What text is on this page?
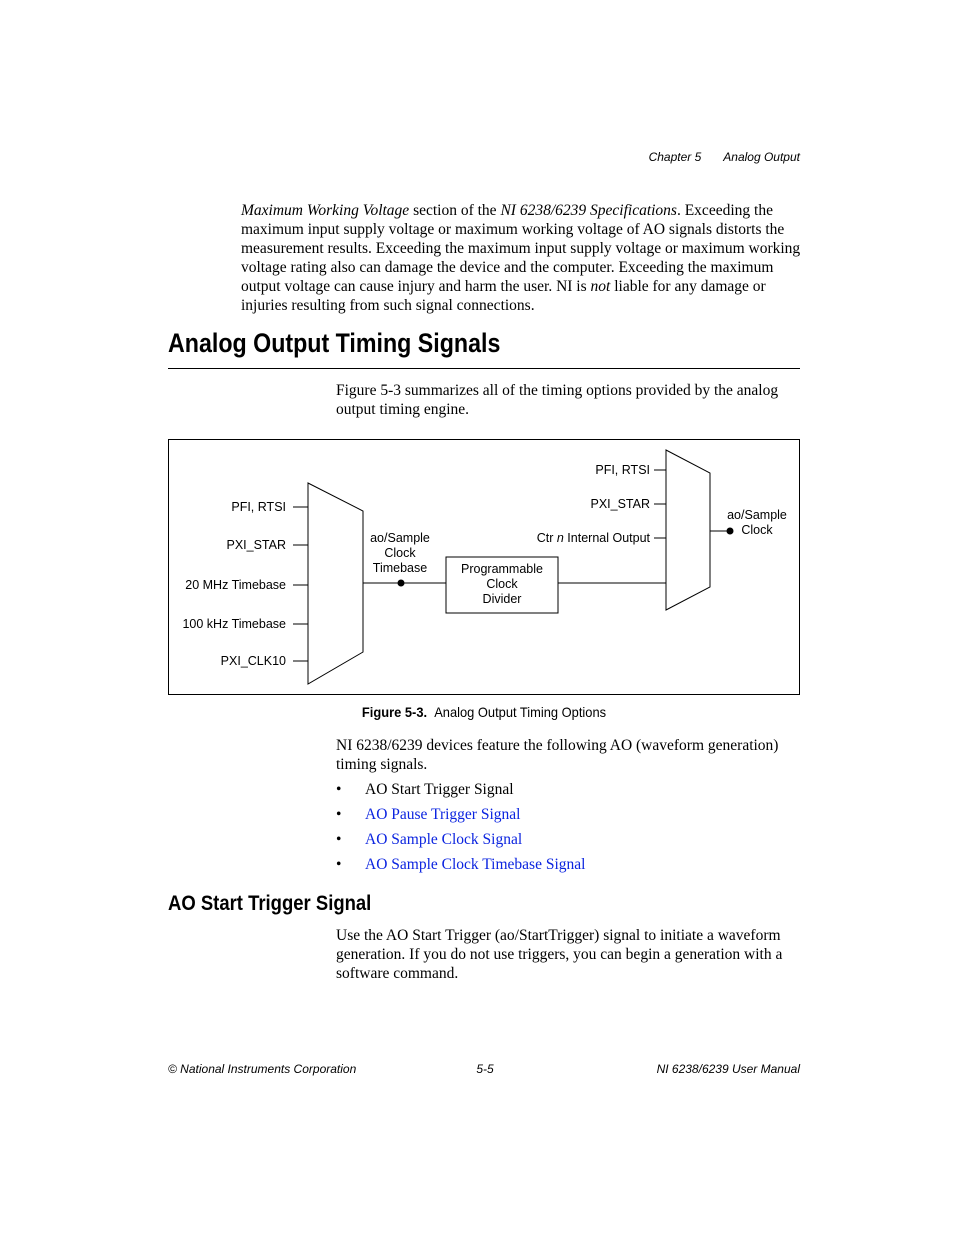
Chapter 5 Analog Output
Maximum Working Voltage section of the NI 6238/6239 Specifications. Exceeding the maximum input supply voltage or maximum working voltage of AO signals distorts the measurement results. Exceeding the maximum input supply voltage or maximum working voltage rating also can damage the device and the computer. Exceeding the maximum output voltage can cause injury and harm the user. NI is not liable for any damage or injuries resulting from such signal connections.
Analog Output Timing Signals
Figure 5-3 summarizes all of the timing options provided by the analog output timing engine.
PFI, RTSI
PXI_STAR
20 MHz Timebase
100 kHz Timebase
PXI_CLK10
ao/Sample
Clock
Timebase	Programmable
Clock
Divider
PFI, RTSI
PXI_STAR
Ctr n Internal Output
ao/Sample
Clock
Figure 5-3. Analog Output Timing Options
NI 6238/6239 devices feature the following AO (waveform generation) timing signals.
• AO Start Trigger Signal
• AO Pause Trigger Signal
• AO Sample Clock Signal
• AO Sample Clock Timebase Signal
AO Start Trigger Signal
Use the AO Start Trigger (ao/StartTrigger) signal to initiate a waveform generation. If you do not use triggers, you can begin a generation with a software command.
© National Instruments Corporation	5-5	NI 6238/6239 User Manual
